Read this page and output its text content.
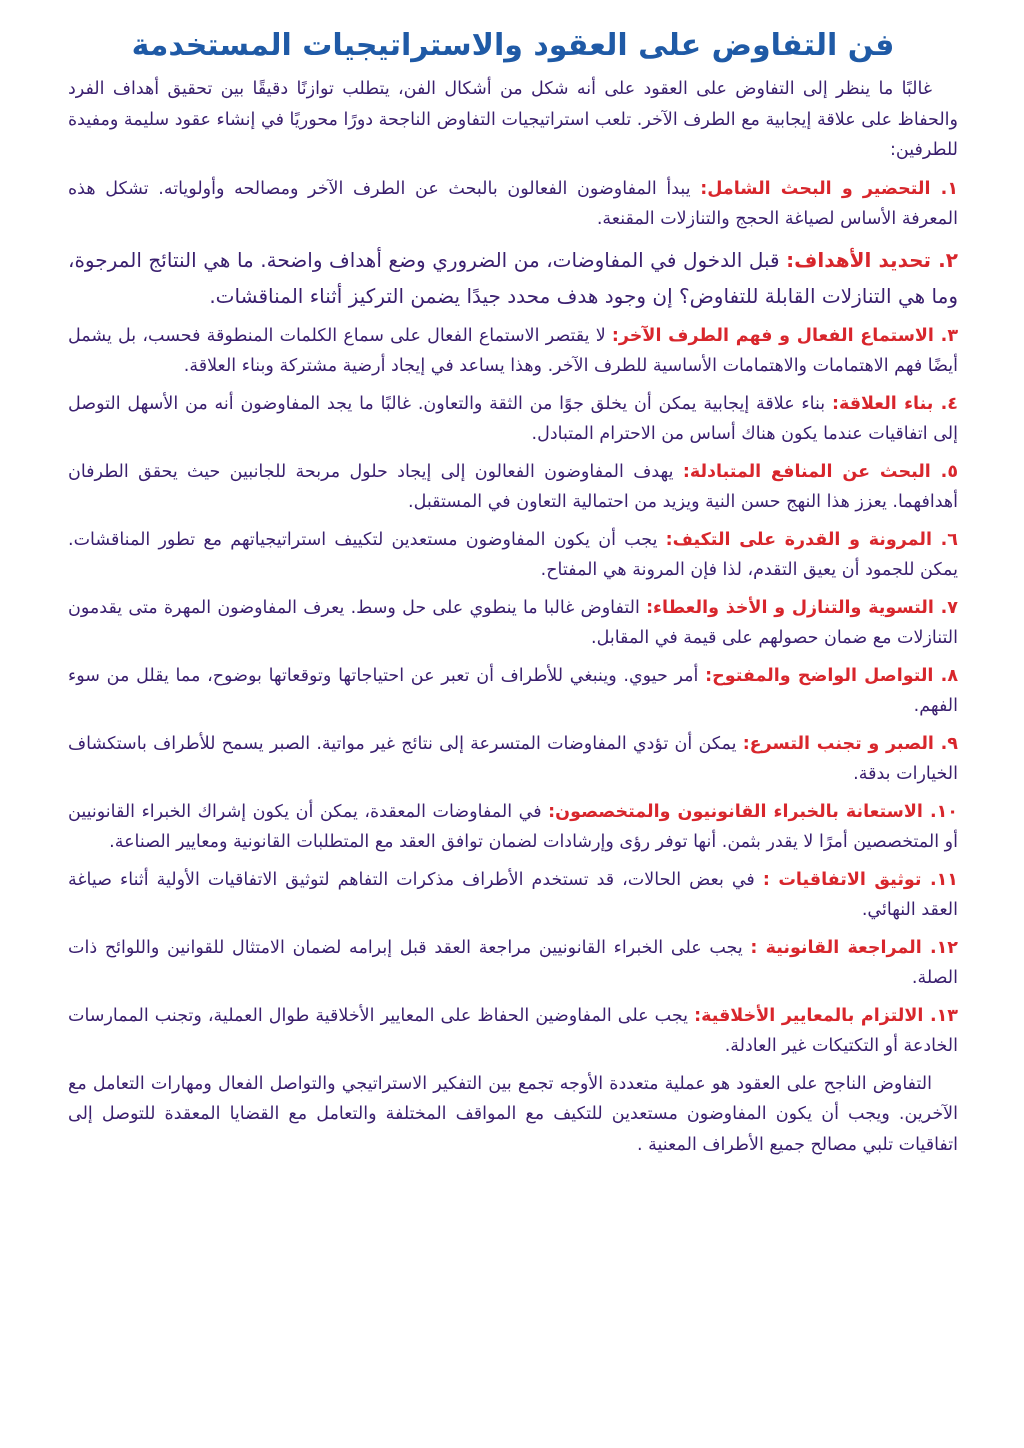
فن التفاوض على العقود والاستراتيجيات المستخدمة

غالبًا ما ينظر إلى التفاوض على العقود على أنه شكل من أشكال الفن، يتطلب توازنًا دقيقًا بين تحقيق أهداف الفرد والحفاظ على علاقة إيجابية مع الطرف الآخر. تلعب استراتيجيات التفاوض الناجحة دورًا محوريًا في إنشاء عقود سليمة ومفيدة للطرفين:

١. التحضير و البحث الشامل: يبدأ المفاوضون الفعالون بالبحث عن الطرف الآخر ومصالحه وأولوياته. تشكل هذه المعرفة الأساس لصياغة الحجج والتنازلات المقنعة.

٢. تحديد الأهداف: قبل الدخول في المفاوضات، من الضروري وضع أهداف واضحة. ما هي النتائج المرجوة، وما هي التنازلات القابلة للتفاوض؟ إن وجود هدف محدد جيدًا يضمن التركيز أثناء المناقشات.

٣. الاستماع الفعال و فهم الطرف الآخر: لا يقتصر الاستماع الفعال على سماع الكلمات المنطوقة فحسب، بل يشمل أيضًا فهم الاهتمامات والاهتمامات الأساسية للطرف الآخر. وهذا يساعد في إيجاد أرضية مشتركة وبناء العلاقة.

٤. بناء العلاقة: بناء علاقة إيجابية يمكن أن يخلق جوًا من الثقة والتعاون. غالبًا ما يجد المفاوضون أنه من الأسهل التوصل إلى اتفاقيات عندما يكون هناك أساس من الاحترام المتبادل.

٥. البحث عن المنافع المتبادلة: يهدف المفاوضون الفعالون إلى إيجاد حلول مربحة للجانبين حيث يحقق الطرفان أهدافهما. يعزز هذا النهج حسن النية ويزيد من احتمالية التعاون في المستقبل.

٦. المرونة و القدرة على التكيف: يجب أن يكون المفاوضون مستعدين لتكييف استراتيجياتهم مع تطور المناقشات. يمكن للجمود أن يعيق التقدم، لذا فإن المرونة هي المفتاح.

٧. التسوية والتنازل و الأخذ والعطاء: التفاوض غالبا ما ينطوي على حل وسط. يعرف المفاوضون المهرة متى يقدمون التنازلات مع ضمان حصولهم على قيمة في المقابل.

٨. التواصل الواضح والمفتوح: أمر حيوي. وينبغي للأطراف أن تعبر عن احتياجاتها وتوقعاتها بوضوح، مما يقلل من سوء الفهم.

٩. الصبر و تجنب التسرع: يمكن أن تؤدي المفاوضات المتسرعة إلى نتائج غير مواتية. الصبر يسمح للأطراف باستكشاف الخيارات بدقة.

١٠. الاستعانة بالخبراء القانونيون والمتخصصون: في المفاوضات المعقدة، يمكن أن يكون إشراك الخبراء القانونيين أو المتخصصين أمرًا لا يقدر بثمن. أنها توفر رؤى وإرشادات لضمان توافق العقد مع المتطلبات القانونية ومعايير الصناعة.

١١. توثيق الاتفاقيات : في بعض الحالات، قد تستخدم الأطراف مذكرات التفاهم لتوثيق الاتفاقيات الأولية أثناء صياغة العقد النهائي.

١٢. المراجعة القانونية : يجب على الخبراء القانونيين مراجعة العقد قبل إبرامه لضمان الامتثال للقوانين واللوائح ذات الصلة.

١٣. الالتزام بالمعايير الأخلاقية: يجب على المفاوضين الحفاظ على المعايير الأخلاقية طوال العملية، وتجنب الممارسات الخادعة أو التكتيكات غير العادلة.

التفاوض الناجح على العقود هو عملية متعددة الأوجه تجمع بين التفكير الاستراتيجي والتواصل الفعال ومهارات التعامل مع الآخرين. ويجب أن يكون المفاوضون مستعدين للتكيف مع المواقف المختلفة والتعامل مع القضايا المعقدة للتوصل إلى اتفاقيات تلبي مصالح جميع الأطراف المعنية .
